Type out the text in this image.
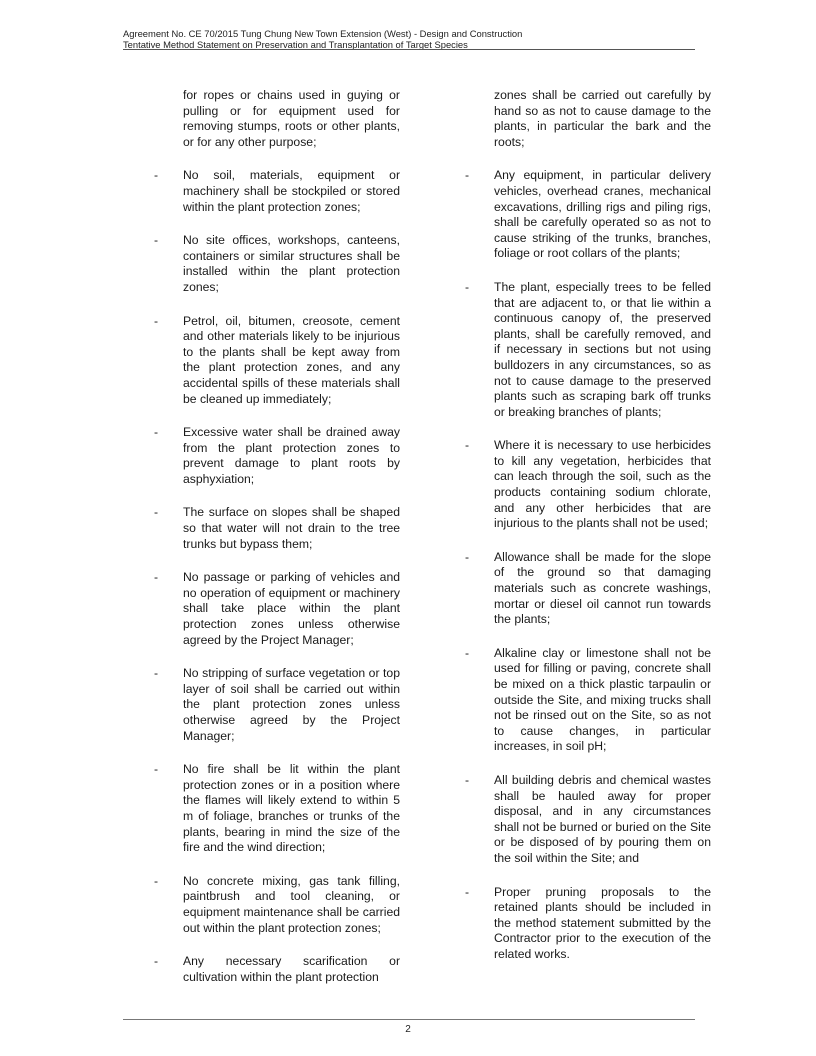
Agreement No. CE 70/2015 Tung Chung New Town Extension (West) - Design and Construction
Tentative Method Statement on Preservation and Transplantation of Target Species
for ropes or chains used in guying or pulling or for equipment used for removing stumps, roots or other plants, or for any other purpose;
- No soil, materials, equipment or machinery shall be stockpiled or stored within the plant protection zones;
- No site offices, workshops, canteens, containers or similar structures shall be installed within the plant protection zones;
- Petrol, oil, bitumen, creosote, cement and other materials likely to be injurious to the plants shall be kept away from the plant protection zones, and any accidental spills of these materials shall be cleaned up immediately;
- Excessive water shall be drained away from the plant protection zones to prevent damage to plant roots by asphyxiation;
- The surface on slopes shall be shaped so that water will not drain to the tree trunks but bypass them;
- No passage or parking of vehicles and no operation of equipment or machinery shall take place within the plant protection zones unless otherwise agreed by the Project Manager;
- No stripping of surface vegetation or top layer of soil shall be carried out within the plant protection zones unless otherwise agreed by the Project Manager;
- No fire shall be lit within the plant protection zones or in a position where the flames will likely extend to within 5 m of foliage, branches or trunks of the plants, bearing in mind the size of the fire and the wind direction;
- No concrete mixing, gas tank filling, paintbrush and tool cleaning, or equipment maintenance shall be carried out within the plant protection zones;
- Any necessary scarification or cultivation within the plant protection
zones shall be carried out carefully by hand so as not to cause damage to the plants, in particular the bark and the roots;
- Any equipment, in particular delivery vehicles, overhead cranes, mechanical excavations, drilling rigs and piling rigs, shall be carefully operated so as not to cause striking of the trunks, branches, foliage or root collars of the plants;
- The plant, especially trees to be felled that are adjacent to, or that lie within a continuous canopy of, the preserved plants, shall be carefully removed, and if necessary in sections but not using bulldozers in any circumstances, so as not to cause damage to the preserved plants such as scraping bark off trunks or breaking branches of plants;
- Where it is necessary to use herbicides to kill any vegetation, herbicides that can leach through the soil, such as the products containing sodium chlorate, and any other herbicides that are injurious to the plants shall not be used;
- Allowance shall be made for the slope of the ground so that damaging materials such as concrete washings, mortar or diesel oil cannot run towards the plants;
- Alkaline clay or limestone shall not be used for filling or paving, concrete shall be mixed on a thick plastic tarpaulin or outside the Site, and mixing trucks shall not be rinsed out on the Site, so as not to cause changes, in particular increases, in soil pH;
- All building debris and chemical wastes shall be hauled away for proper disposal, and in any circumstances shall not be burned or buried on the Site or be disposed of by pouring them on the soil within the Site; and
- Proper pruning proposals to the retained plants should be included in the method statement submitted by the Contractor prior to the execution of the related works.
2
